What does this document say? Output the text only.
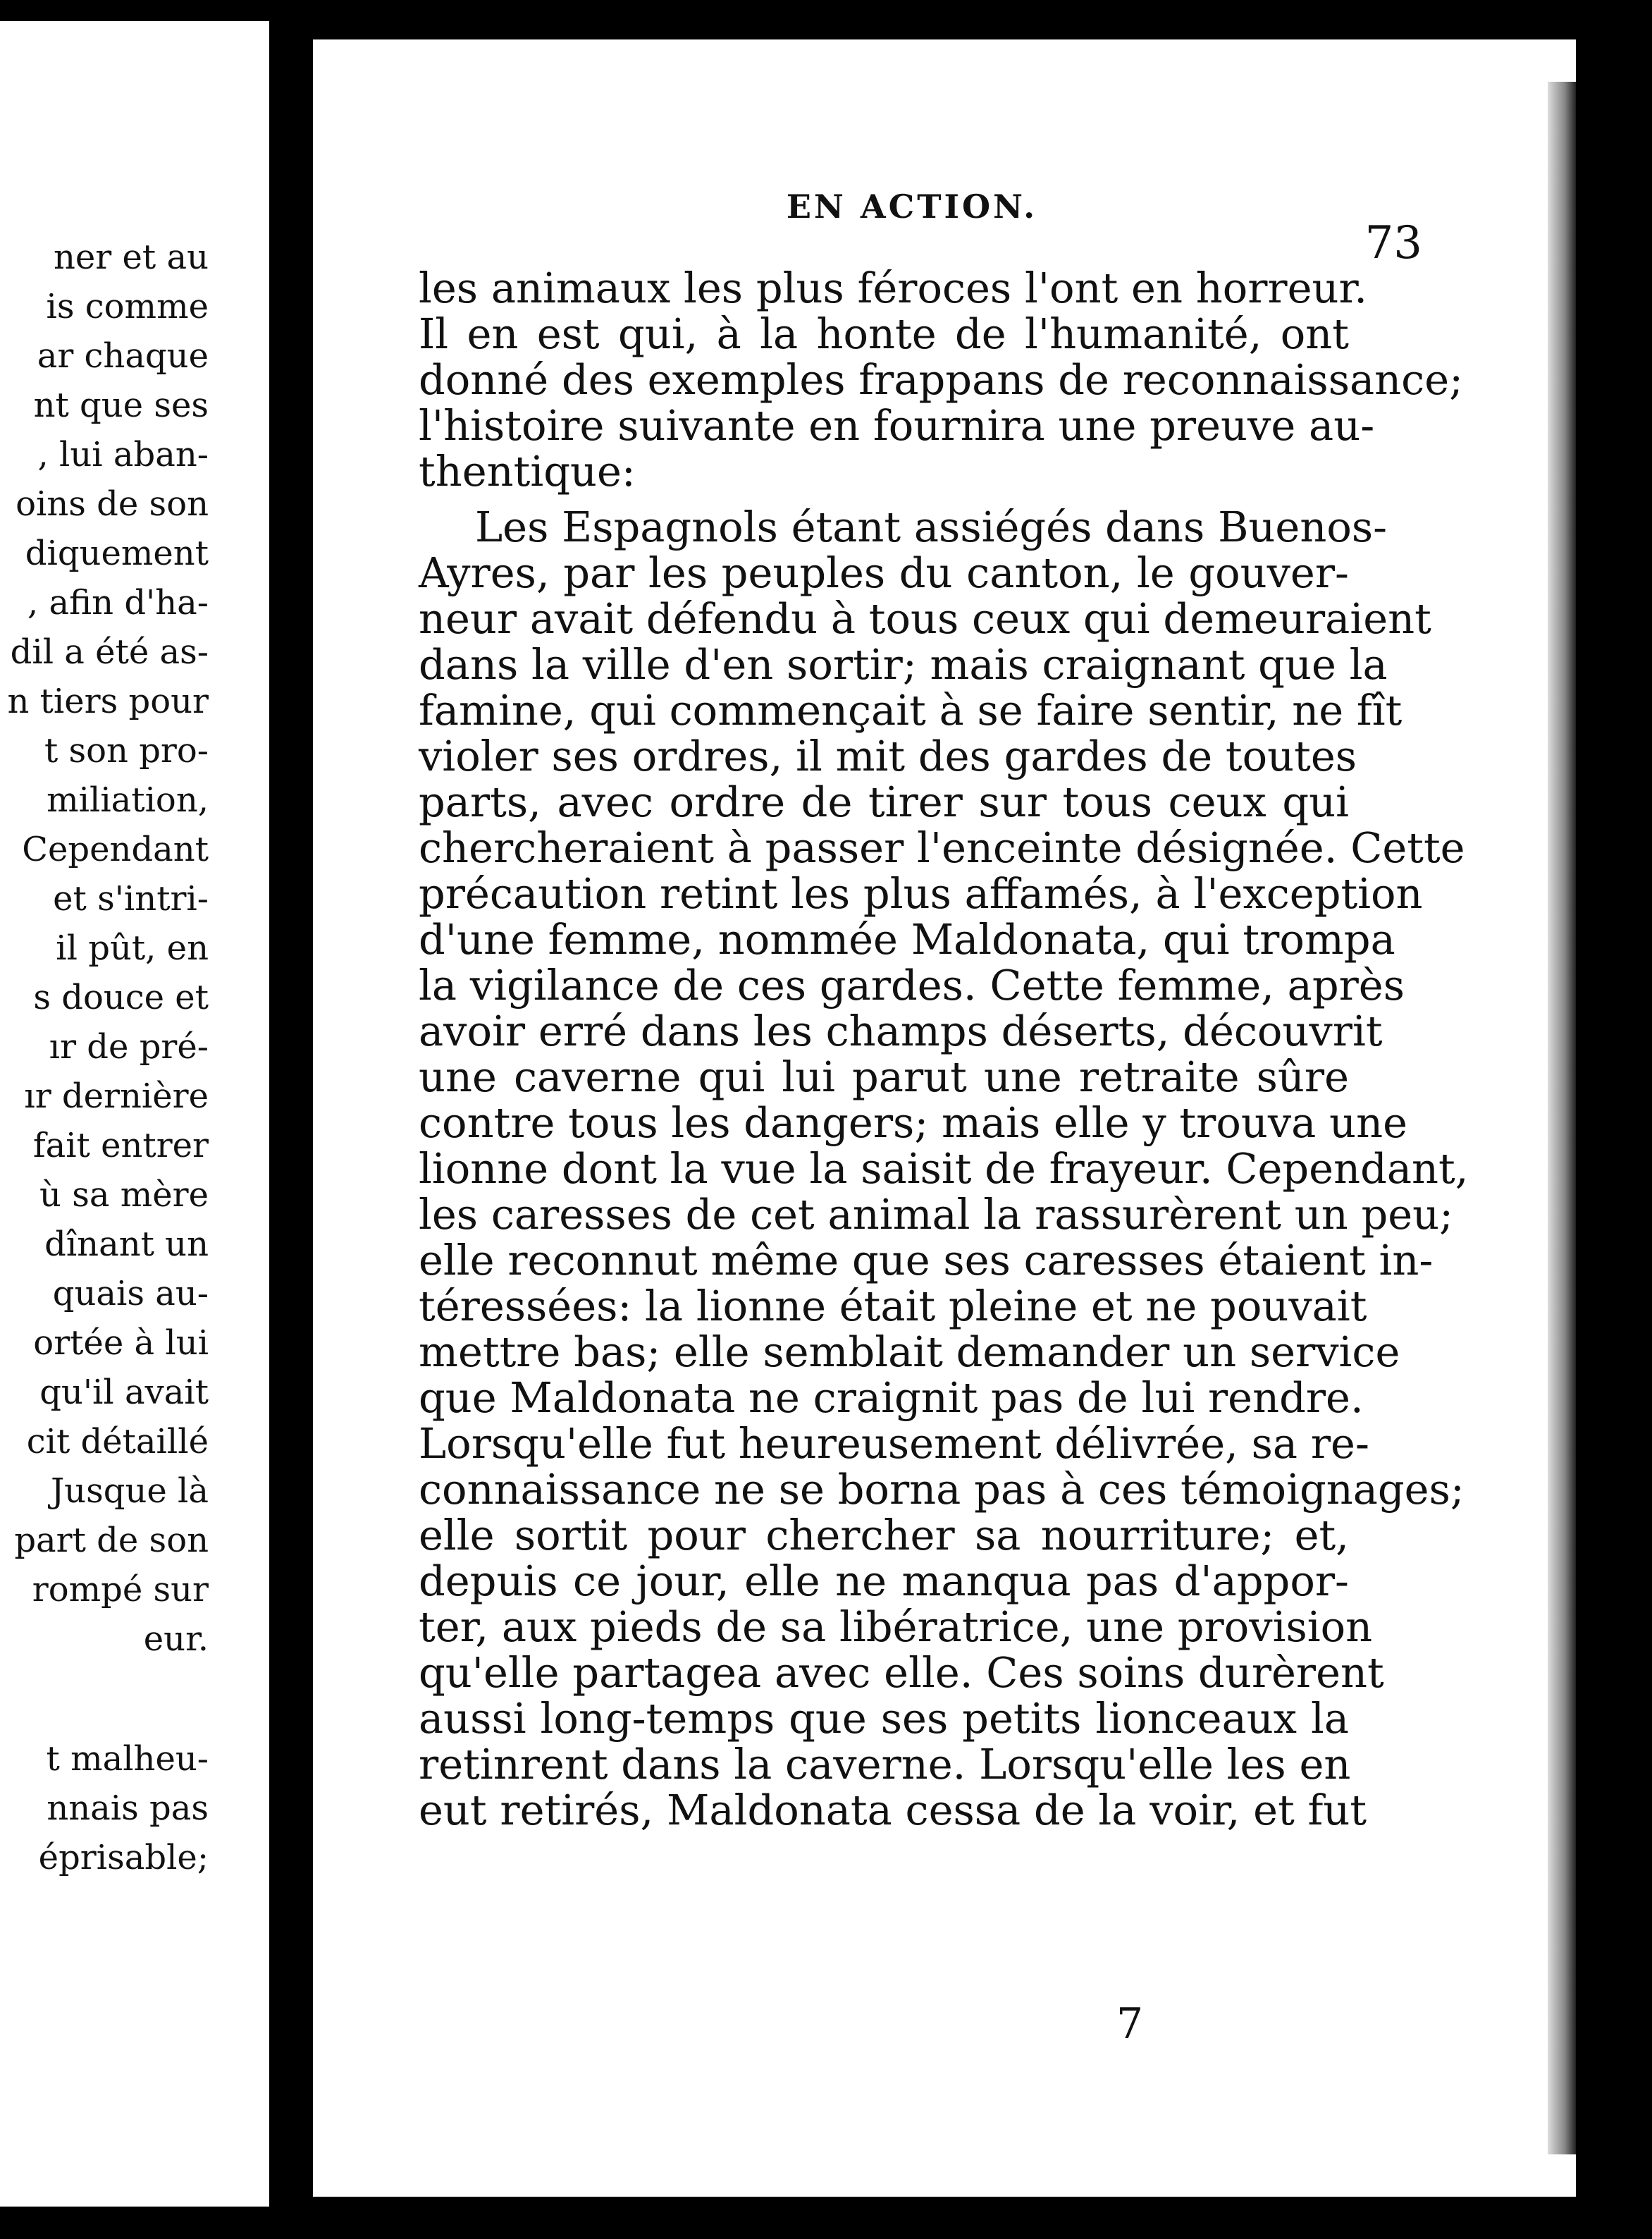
ner et au
is comme
ar chaque
nt que ses
, lui aban-
oins de son
diquement
, afin d'ha-
dil a été as-
n tiers pour
t son pro-
miliation,
Cependant
et s'intri-
il pût, en
s douce et
ır de pré-
ır dernière
fait entrer
ù sa mère
dînant un
quais au-
ortée à lui
qu'il avait
cit détaillé
Jusque là
part de son
rompé sur
eur.
t malheu-
nnais pas
éprisable;
EN ACTION.
73
les animaux les plus féroces l'ont en horreur.
Il en est qui, à la honte de l'humanité, ont
donné des exemples frappans de reconnaissance;
l'histoire suivante en fournira une preuve au-
thentique:
Les Espagnols étant assiégés dans Buenos-
Ayres, par les peuples du canton, le gouver-
neur avait défendu à tous ceux qui demeuraient
dans la ville d'en sortir; mais craignant que la
famine, qui commençait à se faire sentir, ne fît
violer ses ordres, il mit des gardes de toutes
parts, avec ordre de tirer sur tous ceux qui
chercheraient à passer l'enceinte désignée. Cette
précaution retint les plus affamés, à l'exception
d'une femme, nommée Maldonata, qui trompa
la vigilance de ces gardes. Cette femme, après
avoir erré dans les champs déserts, découvrit
une caverne qui lui parut une retraite sûre
contre tous les dangers; mais elle y trouva une
lionne dont la vue la saisit de frayeur. Cependant,
les caresses de cet animal la rassurèrent un peu;
elle reconnut même que ses caresses étaient in-
téressées: la lionne était pleine et ne pouvait
mettre bas; elle semblait demander un service
que Maldonata ne craignit pas de lui rendre.
Lorsqu'elle fut heureusement délivrée, sa re-
connaissance ne se borna pas à ces témoignages;
elle sortit pour chercher sa nourriture; et,
depuis ce jour, elle ne manqua pas d'appor-
ter, aux pieds de sa libératrice, une provision
qu'elle partagea avec elle. Ces soins durèrent
aussi long-temps que ses petits lionceaux la
retinrent dans la caverne. Lorsqu'elle les en
eut retirés, Maldonata cessa de la voir, et fut
7
